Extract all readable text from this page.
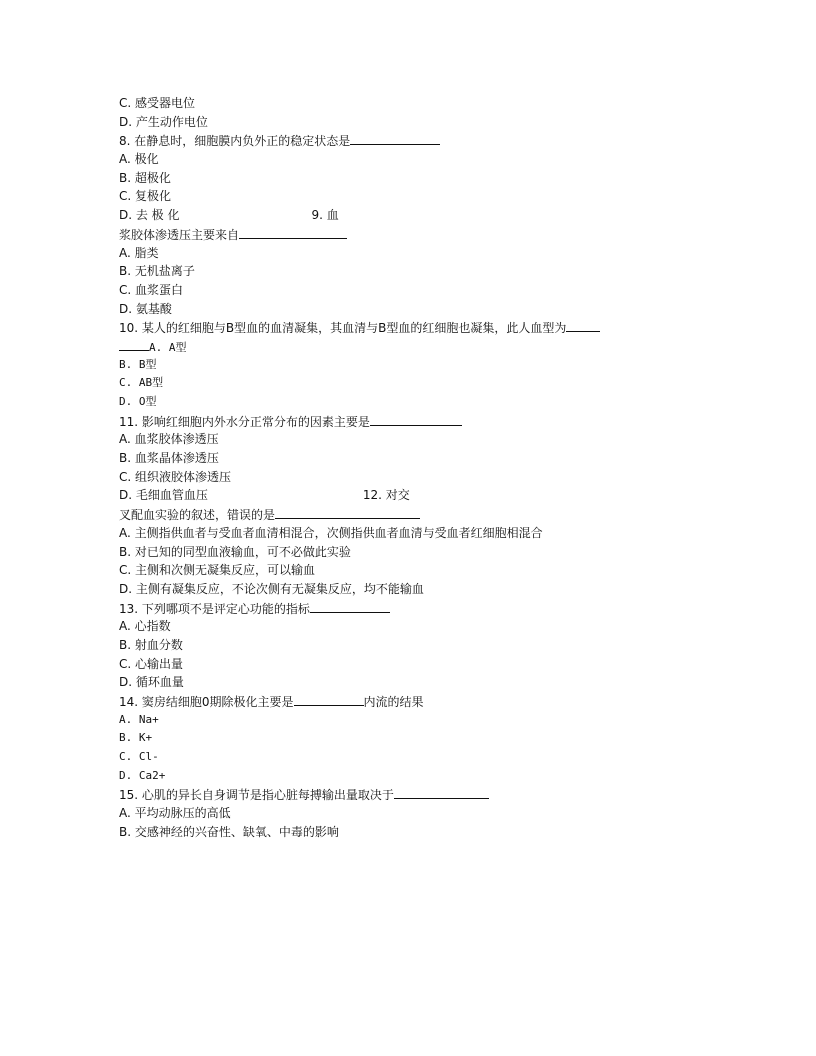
C. 感受器电位
D. 产生动作电位
8. 在静息时，细胞膜内负外正的稳定状态是
A. 极化
B. 超极化
C. 复极化
D. 去 极 化	9. 血
浆胶体渗透压主要来自
A. 脂类
B. 无机盐离子
C. 血浆蛋白
D. 氨基酸
10. 某人的红细胞与B型血的血清凝集，其血清与B型血的红细胞也凝集，此人血型为
A. A型
B. B型
C. AB型
D. O型
11. 影响红细胞内外水分正常分布的因素主要是
A. 血浆胶体渗透压
B. 血浆晶体渗透压
C. 组织液胶体渗透压
D. 毛细血管血压	12. 对交
叉配血实验的叙述，错误的是
A. 主侧指供血者与受血者血清相混合，次侧指供血者血清与受血者红细胞相混合
B. 对已知的同型血液输血，可不必做此实验
C. 主侧和次侧无凝集反应，可以输血
D. 主侧有凝集反应，不论次侧有无凝集反应，均不能输血
13. 下列哪项不是评定心功能的指标
A. 心指数
B. 射血分数
C. 心输出量
D. 循环血量
14. 窦房结细胞0期除极化主要是	内流的结果
A. Na+
B. K+
C. Cl-
D. Ca2+
15. 心肌的异长自身调节是指心脏每搏输出量取决于
A. 平均动脉压的高低
B. 交感神经的兴奋性、缺氧、中毒的影响
